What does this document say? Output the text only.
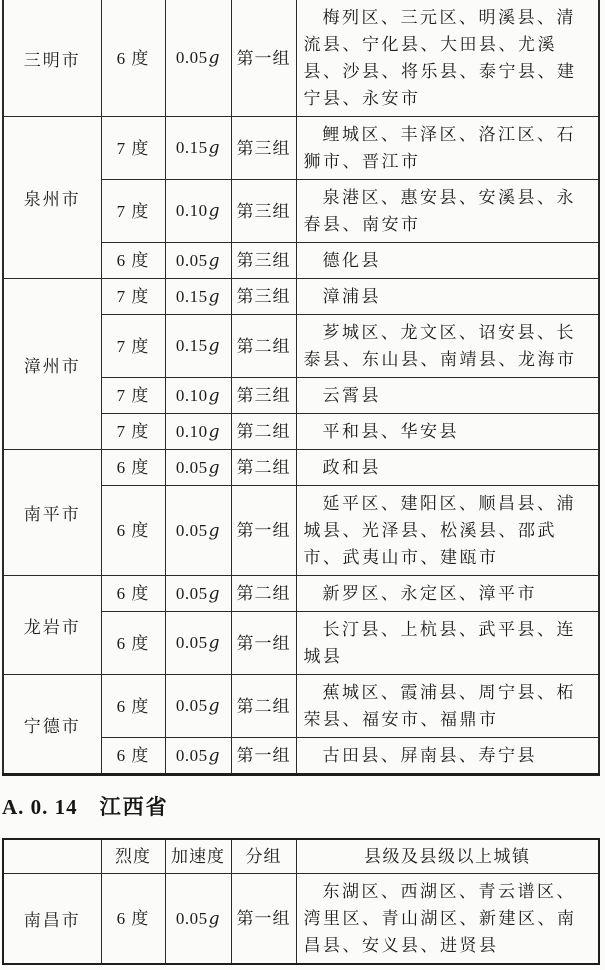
三明市	6 度	0.05g	第一组	梅列区、三元区、明溪县、清流县、宁化县、大田县、尤溪县、沙县、将乐县、泰宁县、建宁县、永安市
泉州市	7 度	0.15g	第三组	鲤城区、丰泽区、洛江区、石狮市、晋江市
	7 度	0.10g	第三组	泉港区、惠安县、安溪县、永春县、南安市
	6 度	0.05g	第三组	德化县
漳州市	7 度	0.15g	第三组	漳浦县
	7 度	0.15g	第二组	芗城区、龙文区、诏安县、长泰县、东山县、南靖县、龙海市
	7 度	0.10g	第三组	云霄县
	7 度	0.10g	第二组	平和县、华安县
南平市	6 度	0.05g	第二组	政和县
	6 度	0.05g	第一组	延平区、建阳区、顺昌县、浦城县、光泽县、松溪县、邵武市、武夷山市、建瓯市
龙岩市	6 度	0.05g	第二组	新罗区、永定区、漳平市
	6 度	0.05g	第一组	长汀县、上杭县、武平县、连城县
宁德市	6 度	0.05g	第二组	蕉城区、霞浦县、周宁县、柘荣县、福安市、福鼎市
	6 度	0.05g	第一组	古田县、屏南县、寿宁县
A. 0. 14 江西省
	烈度	加速度	分组	县级及县级以上城镇
南昌市	6 度	0.05g	第一组	东湖区、西湖区、青云谱区、湾里区、青山湖区、新建区、南昌县、安义县、进贤县
